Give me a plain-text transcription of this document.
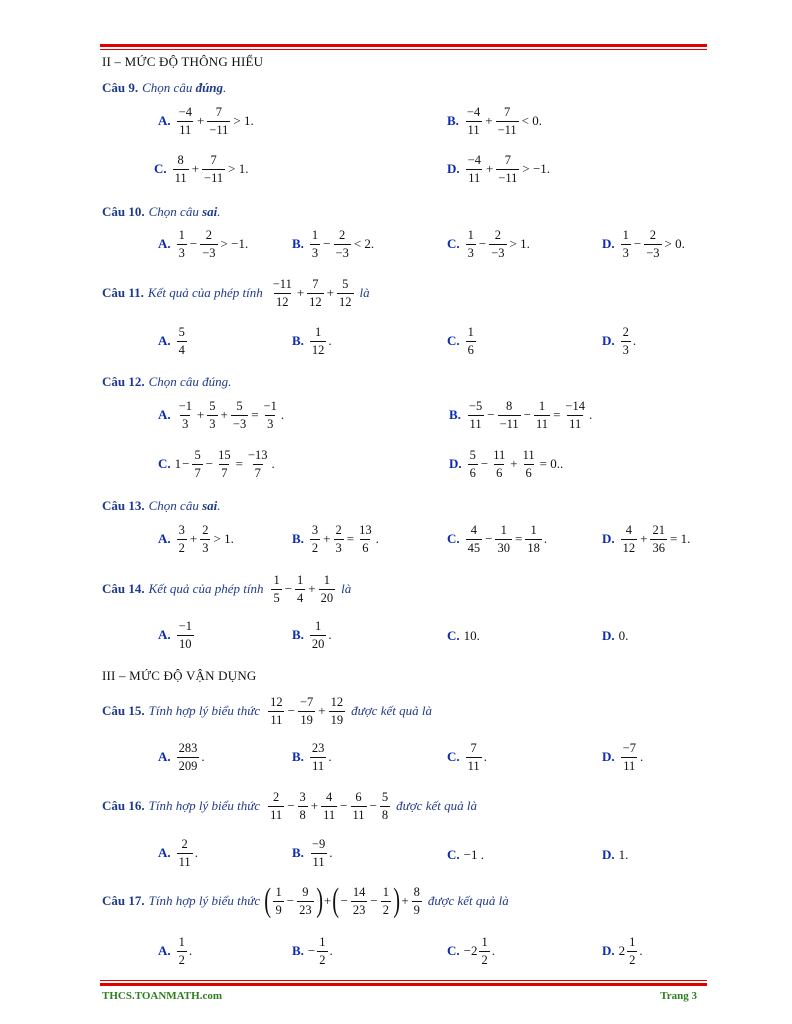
II – MỨC ĐỘ THÔNG HIỂU
Câu 9. Chọn câu đúng.
A.
−4
11
+ $\frac{7}{-11} > 1$.	B.
−4
11
+ $\frac{7}{-11} < 0$.
C.
8
11
+ $\frac{7}{-11} > 1$.	D.
−4
11
+ $\frac{7}{-11} > -1$.
Câu 10. Chọn câu sai.
A.
1
3
− $\frac{2}{-3} > -1$.	B.
1
3
− $\frac{2}{-3} < 2$.	C.
1
3
− $\frac{2}{-3} > 1$.	D.
1
3
− $\frac{2}{-3} > 0$.
Câu 11. Kết quả của phép tính
−11
12
+ $\frac{7}{12} + \frac{5}{12}$ là
A.
5
4
B.
1
12
.	C.
1
6
D.
2
3
.
Câu 12. Chọn câu đúng.
A.
−1
3
+ $\frac{5}{3} + \frac{5}{-3} = \frac{-1}{3}$ .	B.
−5
11
− $\frac{8}{-11} - \frac{1}{11} = \frac{-14}{11}$ .
C. $1 - \frac{5}{7} - \frac{15}{7} = \frac{-13}{7}$ .	D.
5
6
− $\frac{11}{6} + \frac{11}{6} = 0$..
Câu 13. Chọn câu sai.
A.
3
2
+ $\frac{2}{3} > 1$.	B.
3
2
+ $\frac{2}{3} = \frac{13}{6}$ .	C.
4
45
− $\frac{1}{30} = \frac{1}{18}$ .	D.
4
12
+ $\frac{21}{36} = 1$.
Câu 14. Kết quả của phép tính
1
5
− $\frac{1}{4} + \frac{1}{20}$ là
A.
−1
10
B.
1
20
.	C. 10.	D. 0.
III – MỨC ĐỘ VẬN DỤNG
Câu 15. Tính hợp lý biểu thức
12
11
− $\frac{-7}{19} + \frac{12}{19}$ được kết quả là
A.
283
209
.	B.
23
11
.	C.
7
11
.	D.
−7
11
.
Câu 16. Tính hợp lý biểu thức
2
11
− $\frac{3}{8} + \frac{4}{11} - \frac{6}{11} - \frac{5}{8}$ được kết quả là
A.
2
11
.	B.
−9
11
.	C. −1 .	D. 1.
Câu 17. Tính hợp lý biểu thức ( 1
9
− $\frac{9}{23}$ ) + ( − $\frac{14}{23} - \frac{1}{2}$ ) + $\frac{8}{9}$ được kết quả là
A.
1
2
.	B. − $\frac{1}{2}$ .	C. −2
1
2
.	D. 2
1
2
.
THCS.TOANMATH.com	Trang 3
